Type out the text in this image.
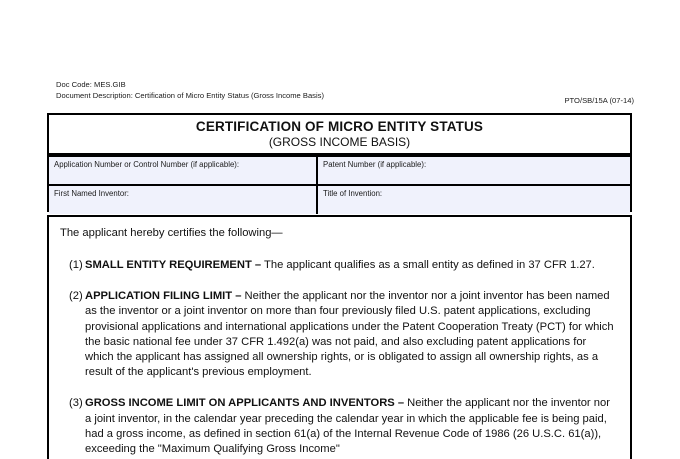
Doc Code: MES.GIB
Document Description: Certification of Micro Entity Status (Gross Income Basis)
PTO/SB/15A (07-14)
CERTIFICATION OF MICRO ENTITY STATUS
(GROSS INCOME BASIS)
Application Number or Control Number (if applicable):	Patent Number (if applicable):
First Named Inventor:	Title of Invention:

The applicant hereby certifies the following—

(1) SMALL ENTITY REQUIREMENT – The applicant qualifies as a small entity as defined in 37 CFR 1.27.
(2) APPLICATION FILING LIMIT – Neither the applicant nor the inventor nor a joint inventor has been named as the inventor or a joint inventor on more than four previously filed U.S. patent applications, excluding provisional applications and international applications under the Patent Cooperation Treaty (PCT) for which the basic national fee under 37 CFR 1.492(a) was not paid, and also excluding patent applications for which the applicant has assigned all ownership rights, or is obligated to assign all ownership rights, as a result of the applicant's previous employment.
(3) GROSS INCOME LIMIT ON APPLICANTS AND INVENTORS – Neither the applicant nor the inventor nor a joint inventor, in the calendar year preceding the calendar year in which the applicable fee is being paid, had a gross income, as defined in section 61(a) of the Internal Revenue Code of 1986 (26 U.S.C. 61(a)), exceeding the "Maximum Qualifying Gross Income"
